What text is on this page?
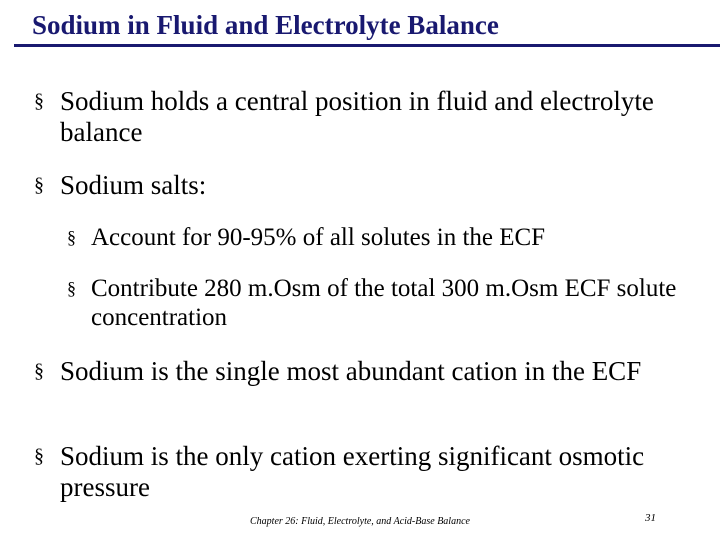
Sodium in Fluid and Electrolyte Balance
§ Sodium holds a central position in fluid and electrolyte balance
§ Sodium salts:
§ Account for 90-95% of all solutes in the ECF
§ Contribute 280 m.Osm of the total 300 m.Osm ECF solute concentration
§ Sodium is the single most abundant cation in the ECF
§ Sodium is the only cation exerting significant osmotic pressure
Chapter 26: Fluid, Electrolyte, and Acid-Base Balance	31
